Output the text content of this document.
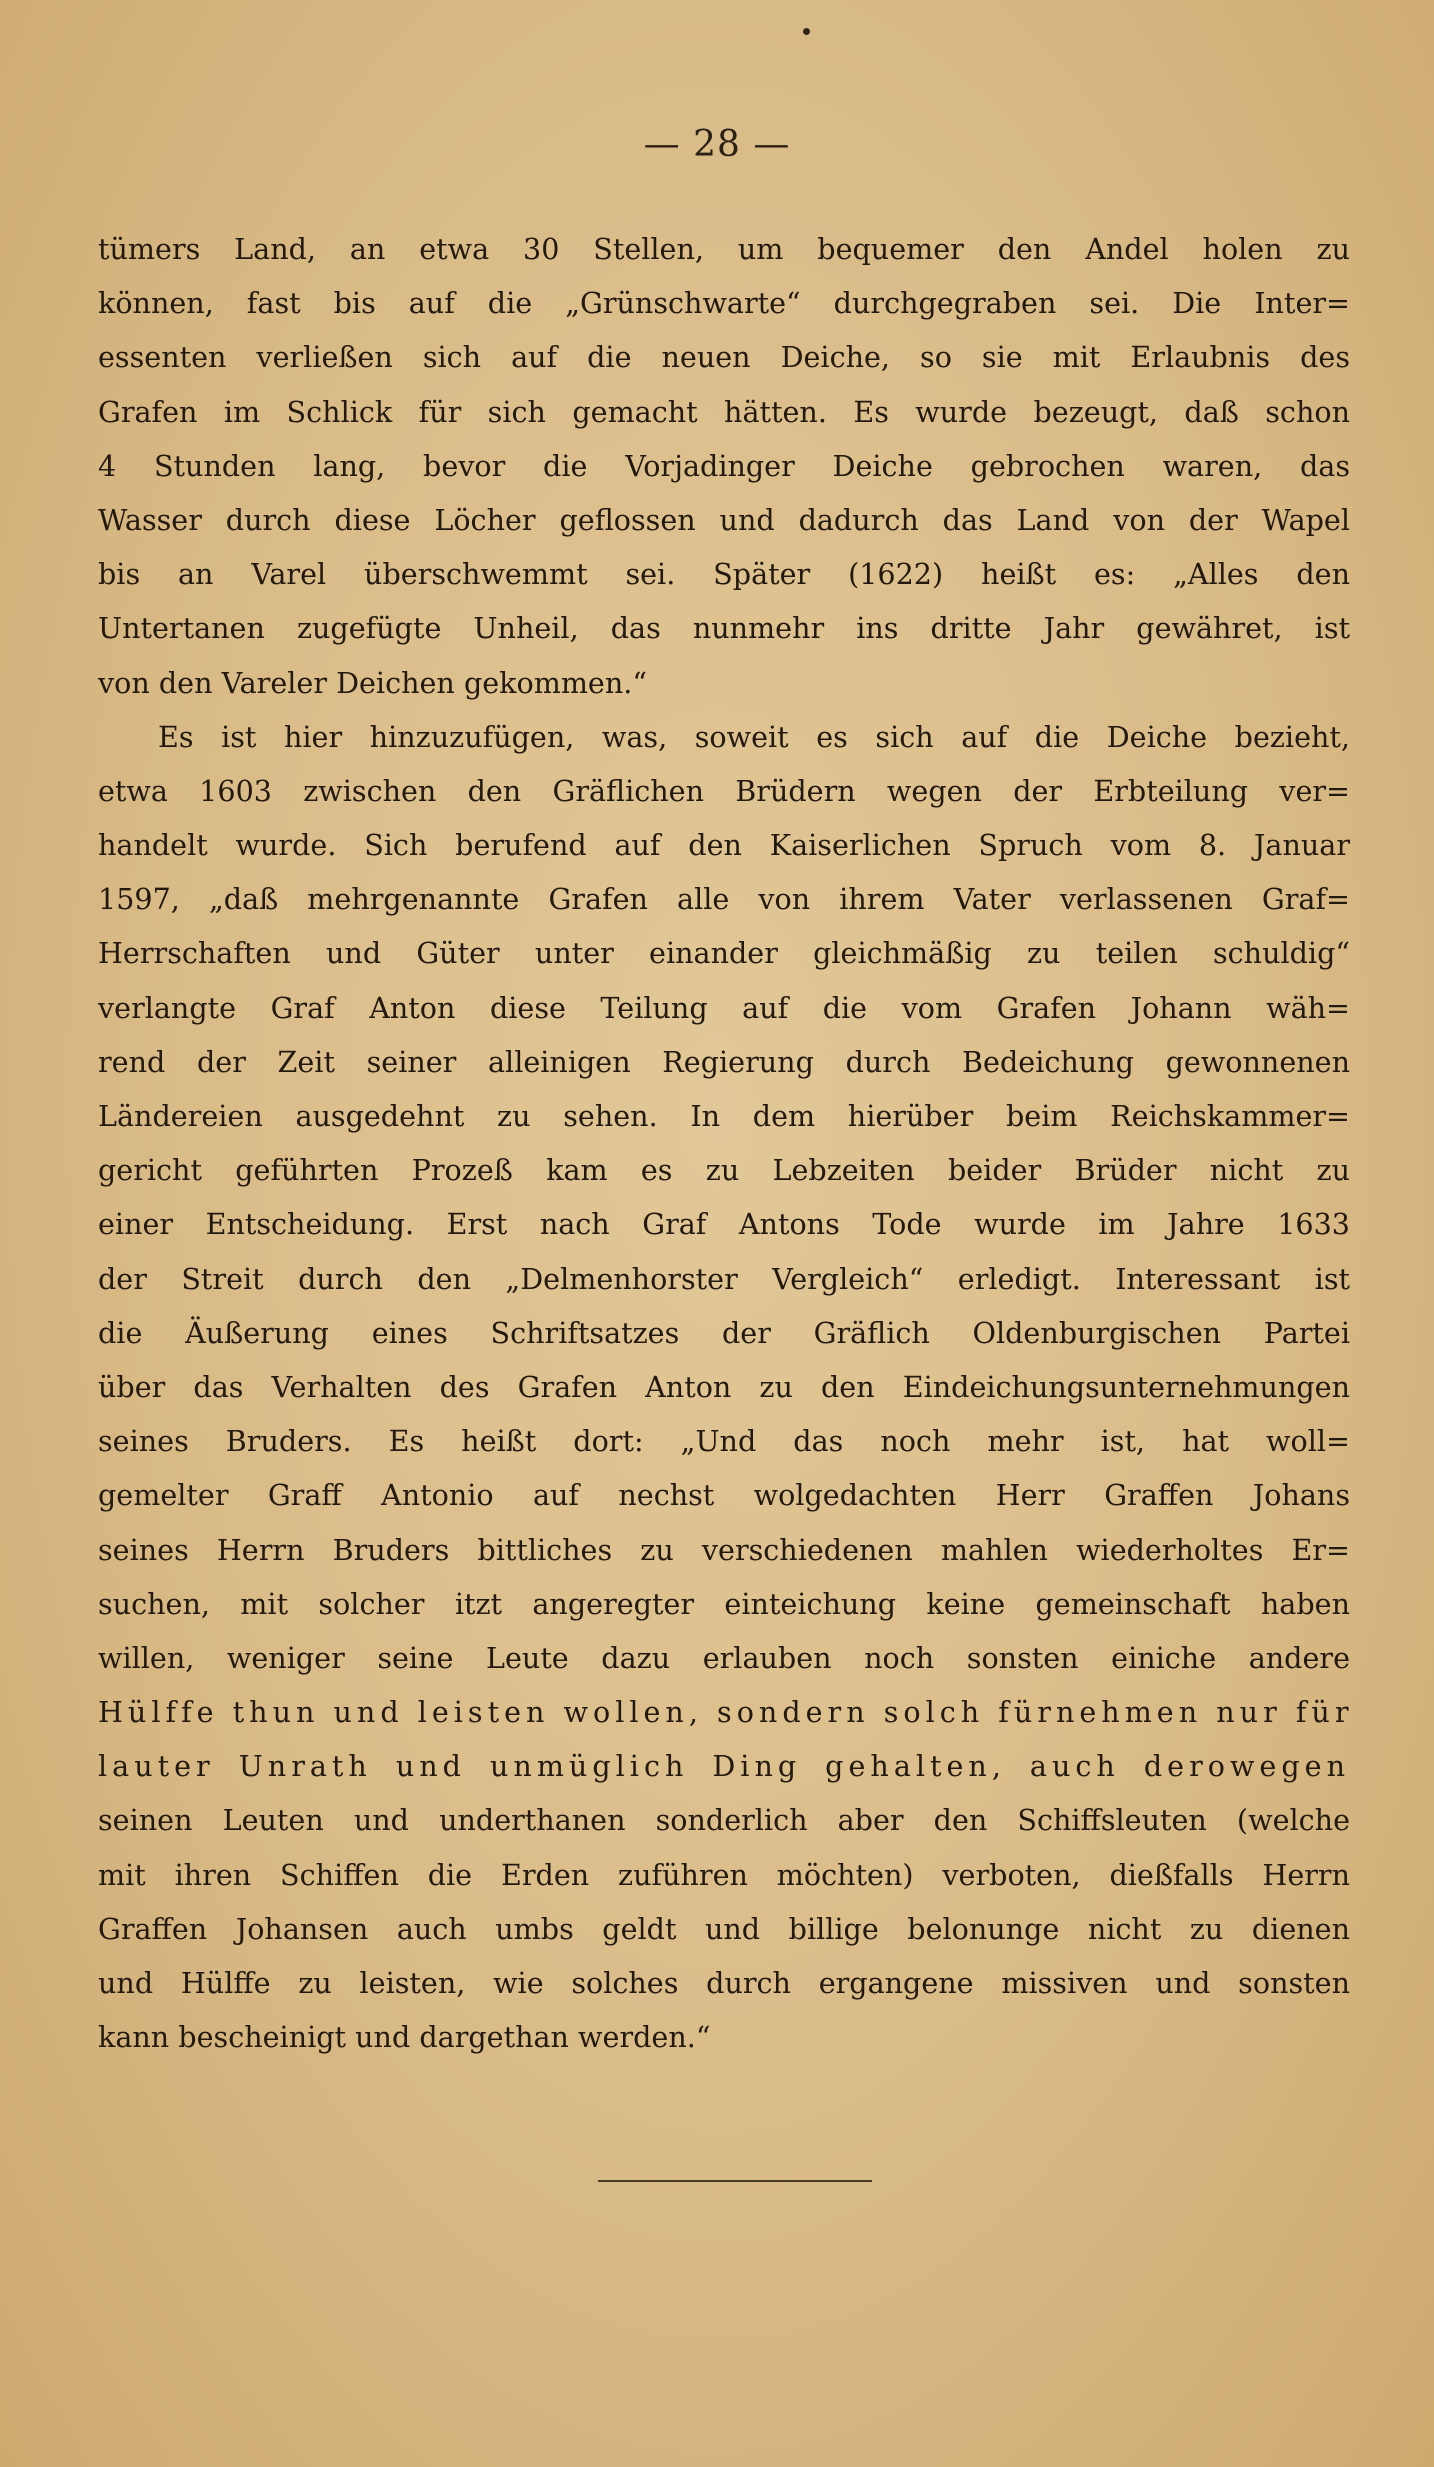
— 28 —
tümers Land, an etwa 30 Stellen, um bequemer den Andel holen zu
können, fast bis auf die „Grünschwarte“ durchgegraben sei. Die Inter=
essenten verließen sich auf die neuen Deiche, so sie mit Erlaubnis des
Grafen im Schlick für sich gemacht hätten. Es wurde bezeugt, daß schon
4 Stunden lang, bevor die Vorjadinger Deiche gebrochen waren, das
Wasser durch diese Löcher geflossen und dadurch das Land von der Wapel
bis an Varel überschwemmt sei. Später (1622) heißt es: „Alles den
Untertanen zugefügte Unheil, das nunmehr ins dritte Jahr gewähret, ist
von den Vareler Deichen gekommen.“
Es ist hier hinzuzufügen, was, soweit es sich auf die Deiche bezieht,
etwa 1603 zwischen den Gräflichen Brüdern wegen der Erbteilung ver=
handelt wurde. Sich berufend auf den Kaiserlichen Spruch vom 8. Januar
1597, „daß mehrgenannte Grafen alle von ihrem Vater verlassenen Graf=
Herrschaften und Güter unter einander gleichmäßig zu teilen schuldig“
verlangte Graf Anton diese Teilung auf die vom Grafen Johann wäh=
rend der Zeit seiner alleinigen Regierung durch Bedeichung gewonnenen
Ländereien ausgedehnt zu sehen. In dem hierüber beim Reichskammer=
gericht geführten Prozeß kam es zu Lebzeiten beider Brüder nicht zu
einer Entscheidung. Erst nach Graf Antons Tode wurde im Jahre 1633
der Streit durch den „Delmenhorster Vergleich“ erledigt. Interessant ist
die Äußerung eines Schriftsatzes der Gräflich Oldenburgischen Partei
über das Verhalten des Grafen Anton zu den Eindeichungsunternehmungen
seines Bruders. Es heißt dort: „Und das noch mehr ist, hat woll=
gemelter Graff Antonio auf nechst wolgedachten Herr Graffen Johans
seines Herrn Bruders bittliches zu verschiedenen mahlen wiederholtes Er=
suchen, mit solcher itzt angeregter einteichung keine gemeinschaft haben
willen, weniger seine Leute dazu erlauben noch sonsten einiche andere
Hülffe thun und leisten wollen, sondern solch fürnehmen nur für
lauter Unrath und unmüglich Ding gehalten, auch derowegen
seinen Leuten und underthanen sonderlich aber den Schiffsleuten (welche
mit ihren Schiffen die Erden zuführen möchten) verboten, dießfalls Herrn
Graffen Johansen auch umbs geldt und billige belonunge nicht zu dienen
und Hülffe zu leisten, wie solches durch ergangene missiven und sonsten
kann bescheinigt und dargethan werden.“
